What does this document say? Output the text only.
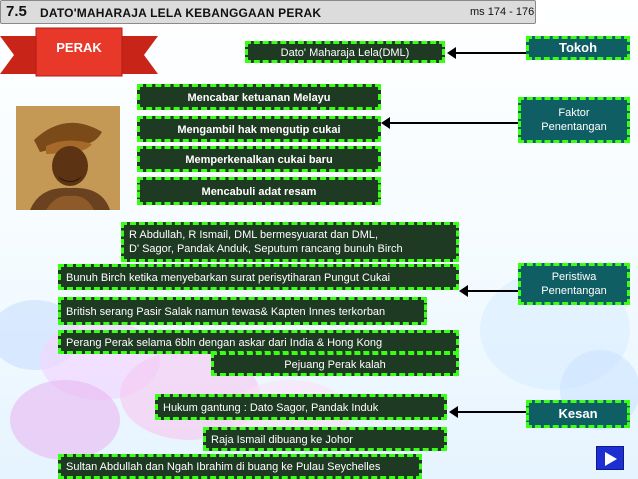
7.5 DATO'MAHARAJA LELA KEBANGGAAN PERAK	ms 174 - 176
PERAK	Dato' Maharaja Lela(DML)	Tokoh
Mencabar ketuanan Melayu
Mengambil hak mengutip cukai
Memperkenalkan cukai baru
Mencabuli adat resam
Faktor
Penentangan
R Abdullah, R Ismail, DML bermesyuarat dan DML,
D' Sagor, Pandak Anduk, Seputum rancang bunuh Birch
Bunuh Birch ketika menyebarkan surat perisytiharan Pungut Cukai
British serang Pasir Salak namun tewas& Kapten Innes terkorban
Perang Perak selama 6bln dengan askar dari India & Hong Kong
Pejuang Perak kalah
Peristiwa
Penentangan
Hukum gantung : Dato Sagor, Pandak Induk
Raja Ismail dibuang ke Johor
Sultan Abdullah dan Ngah Ibrahim di buang ke Pulau Seychelles
Kesan
